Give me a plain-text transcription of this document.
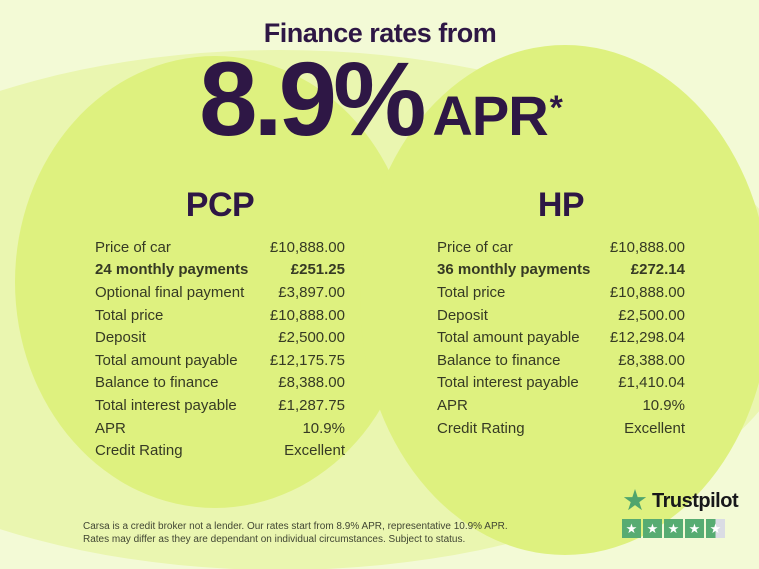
Finance rates from
8.9% APR *
PCP
Price of car	£10,888.00
24 monthly payments	£251.25
Optional final payment £3,897.00
Total price	£10,888.00
Deposit	£2,500.00
Total amount payable £12,175.75
Balance to finance	£8,388.00
Total interest payable	£1,287.75
APR	10.9%
Credit Rating	Excellent
HP
Price of car	£10,888.00
36 monthly payments	£272.14
Total price	£10,888.00
Deposit	£2,500.00
Total amount payable £12,298.04
Balance to finance	£8,388.00
Total interest payable	£1,410.04
APR	10.9%
Credit Rating	Excellent
Carsa is a credit broker not a lender. Our rates start from 8.9% APR, representative 10.9% APR.
Rates may differ as they are dependant on individual circumstances. Subject to status.
★ Trustpilot
★ ★ ★ ★ ★
